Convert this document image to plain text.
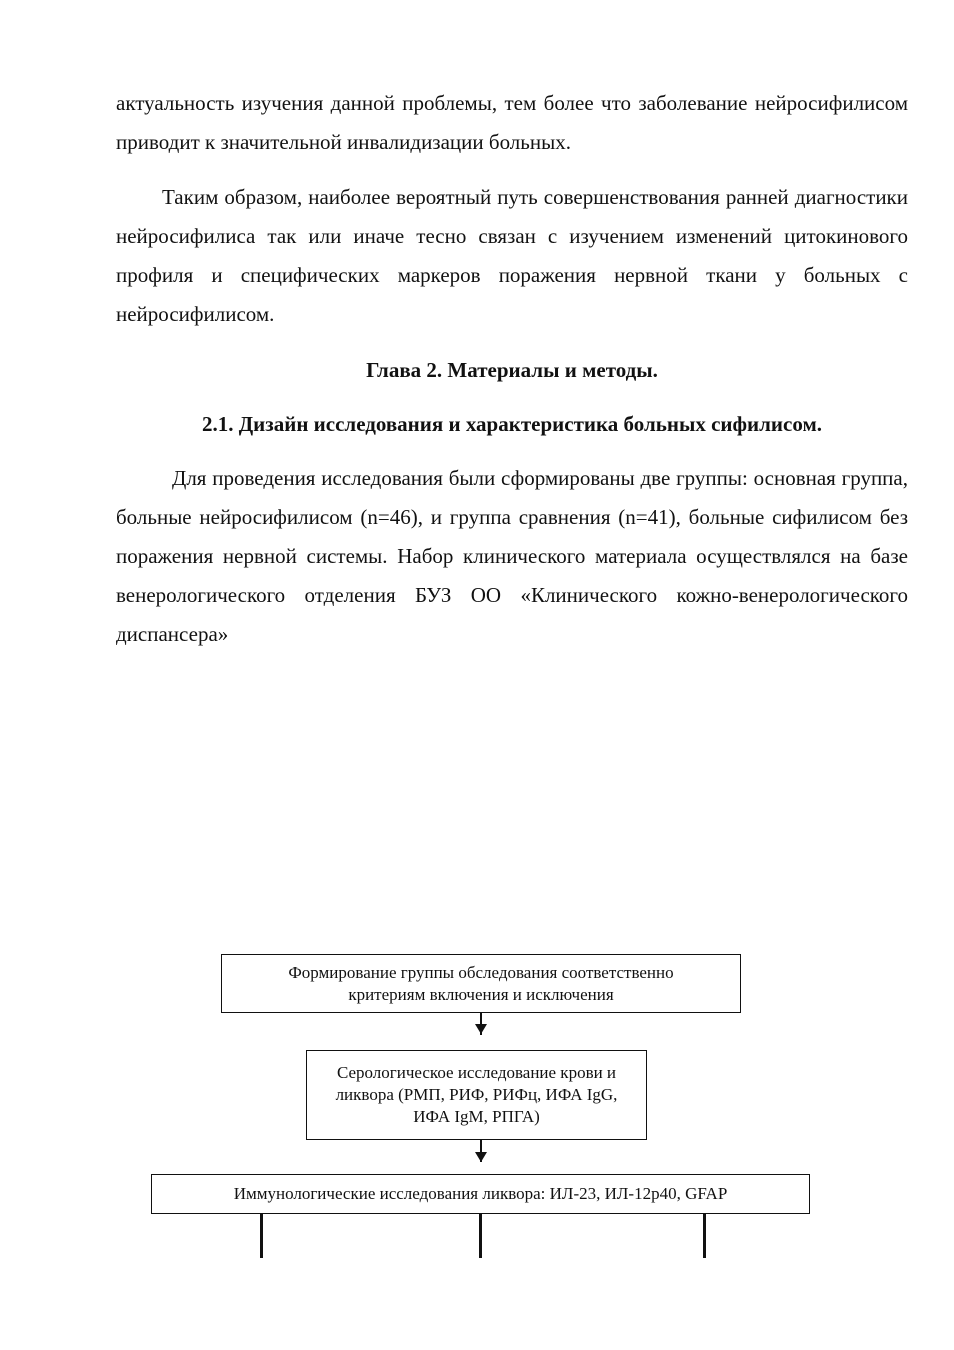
актуальность изучения данной проблемы, тем более что заболевание нейросифилисом приводит к значительной инвалидизации больных.

Таким образом, наиболее вероятный путь совершенствования ранней диагностики нейросифилиса так или иначе тесно связан с изучением изменений цитокинового профиля и специфических маркеров поражения нервной ткани у больных с нейросифилисом.

Глава 2. Материалы и методы.
2.1. Дизайн исследования и характеристика больных сифилисом.

Для проведения исследования были сформированы две группы: основная группа, больные нейросифилисом (n=46), и группа сравнения (n=41), больные сифилисом без поражения нервной системы. Набор клинического материала осуществлялся на базе венерологического отделения БУЗ ОО «Клинического кожно-венерологического диспансера»

Формирование группы обследования соответственно
критериям включения и исключения
Серологическое исследование крови и
ликвора (РМП, РИФ, РИФц, ИФА IgG,
ИФА IgM, РПГА)
Иммунологические исследования ликвора: ИЛ-23, ИЛ-12р40, GFAP
